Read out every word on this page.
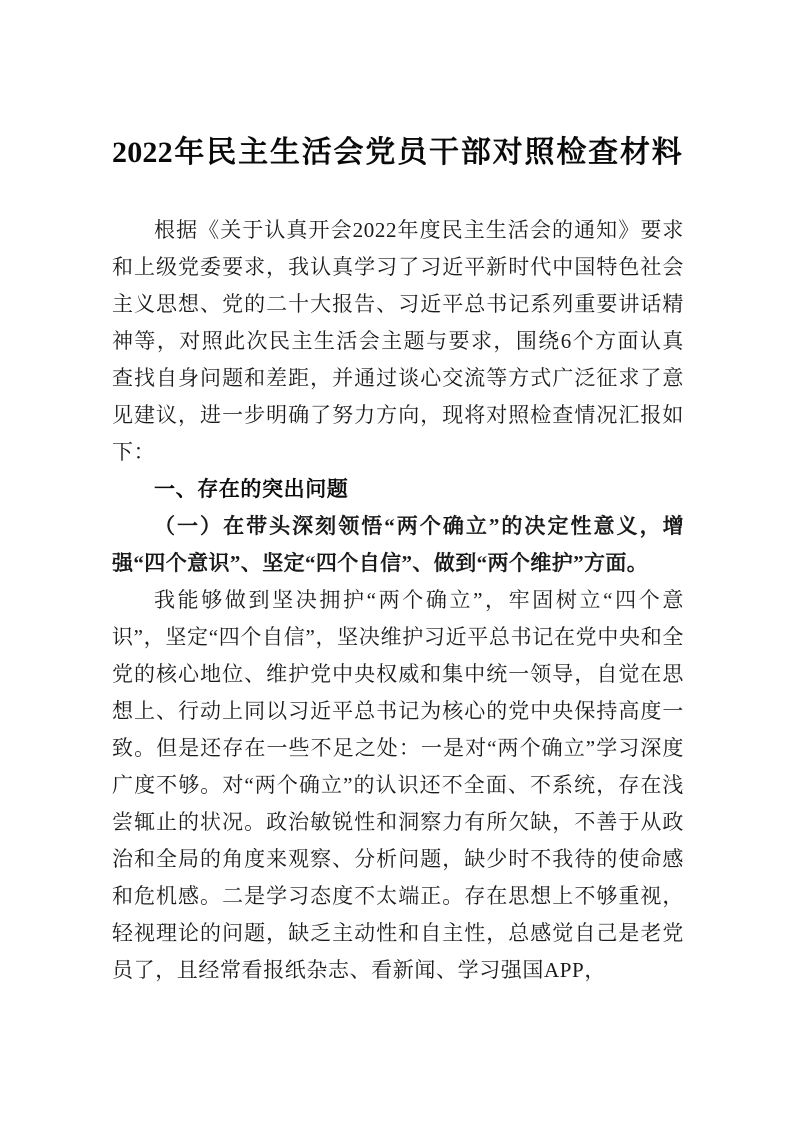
2022年民主生活会党员干部对照检查材料

根据《关于认真开会2022年度民主生活会的通知》要求和上级党委要求，我认真学习了习近平新时代中国特色社会主义思想、党的二十大报告、习近平总书记系列重要讲话精神等，对照此次民主生活会主题与要求，围绕6个方面认真查找自身问题和差距，并通过谈心交流等方式广泛征求了意见建议，进一步明确了努力方向，现将对照检查情况汇报如下：

一、存在的突出问题

（一）在带头深刻领悟“两个确立”的决定性意义，增强“四个意识”、坚定“四个自信”、做到“两个维护”方面。

我能够做到坚决拥护“两个确立”，牢固树立“四个意识”，坚定“四个自信”，坚决维护习近平总书记在党中央和全党的核心地位、维护党中央权威和集中统一领导，自觉在思想上、行动上同以习近平总书记为核心的党中央保持高度一致。但是还存在一些不足之处：一是对“两个确立”学习深度广度不够。对“两个确立”的认识还不全面、不系统，存在浅尝辄止的状况。政治敏锐性和洞察力有所欠缺，不善于从政治和全局的角度来观察、分析问题，缺少时不我待的使命感和危机感。二是学习态度不太端正。存在思想上不够重视，轻视理论的问题，缺乏主动性和自主性，总感觉自己是老党员了，且经常看报纸杂志、看新闻、学习强国APP，
